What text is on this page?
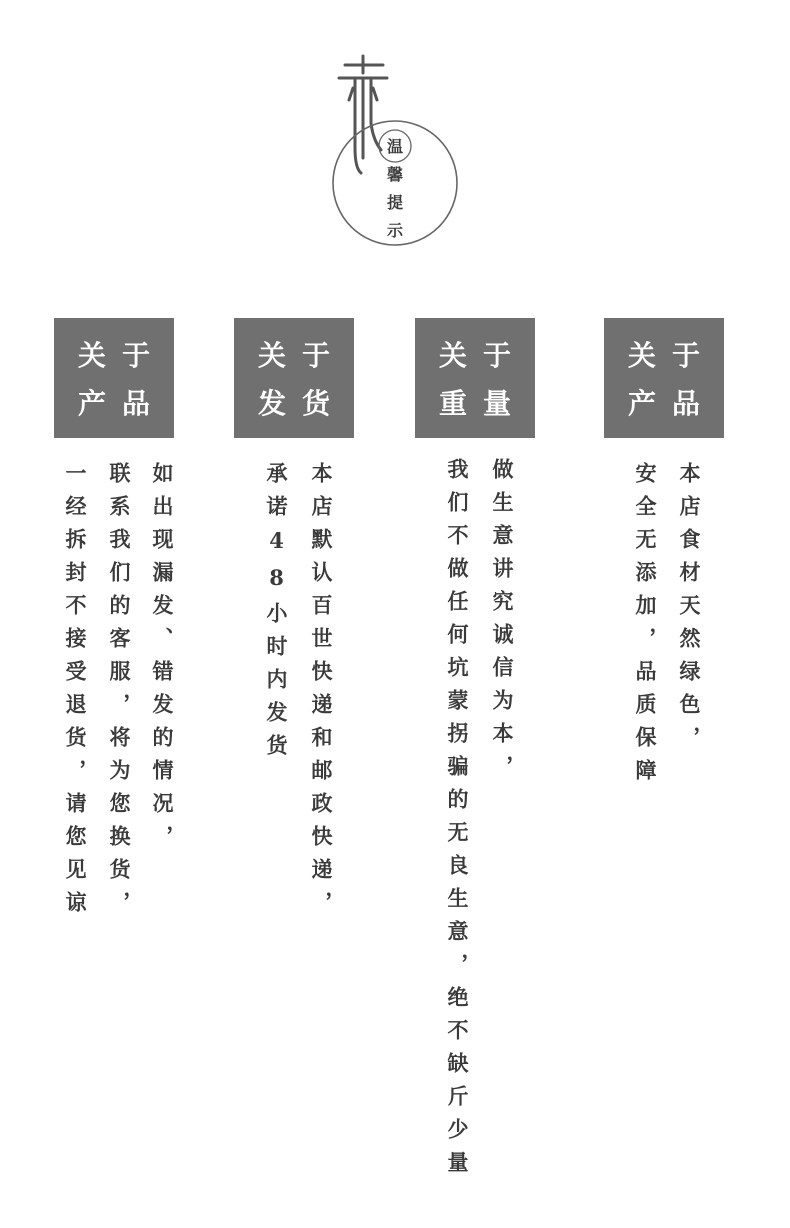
温
馨
提
示
关 于
产 品
如出现漏发、错发的情况，
联系我们的客服，将为您换货，
一经拆封不接受退货，请您见谅
关 于
发 货
本店默认百世快递和邮政快递，
承诺48小时内发货
关 于
重 量
做生意讲究诚信为本，
我们不做任何坑蒙拐骗的无良生意，绝不缺斤少量
关 于
产 品
本店食材天然绿色，
安全无添加，品质保障
